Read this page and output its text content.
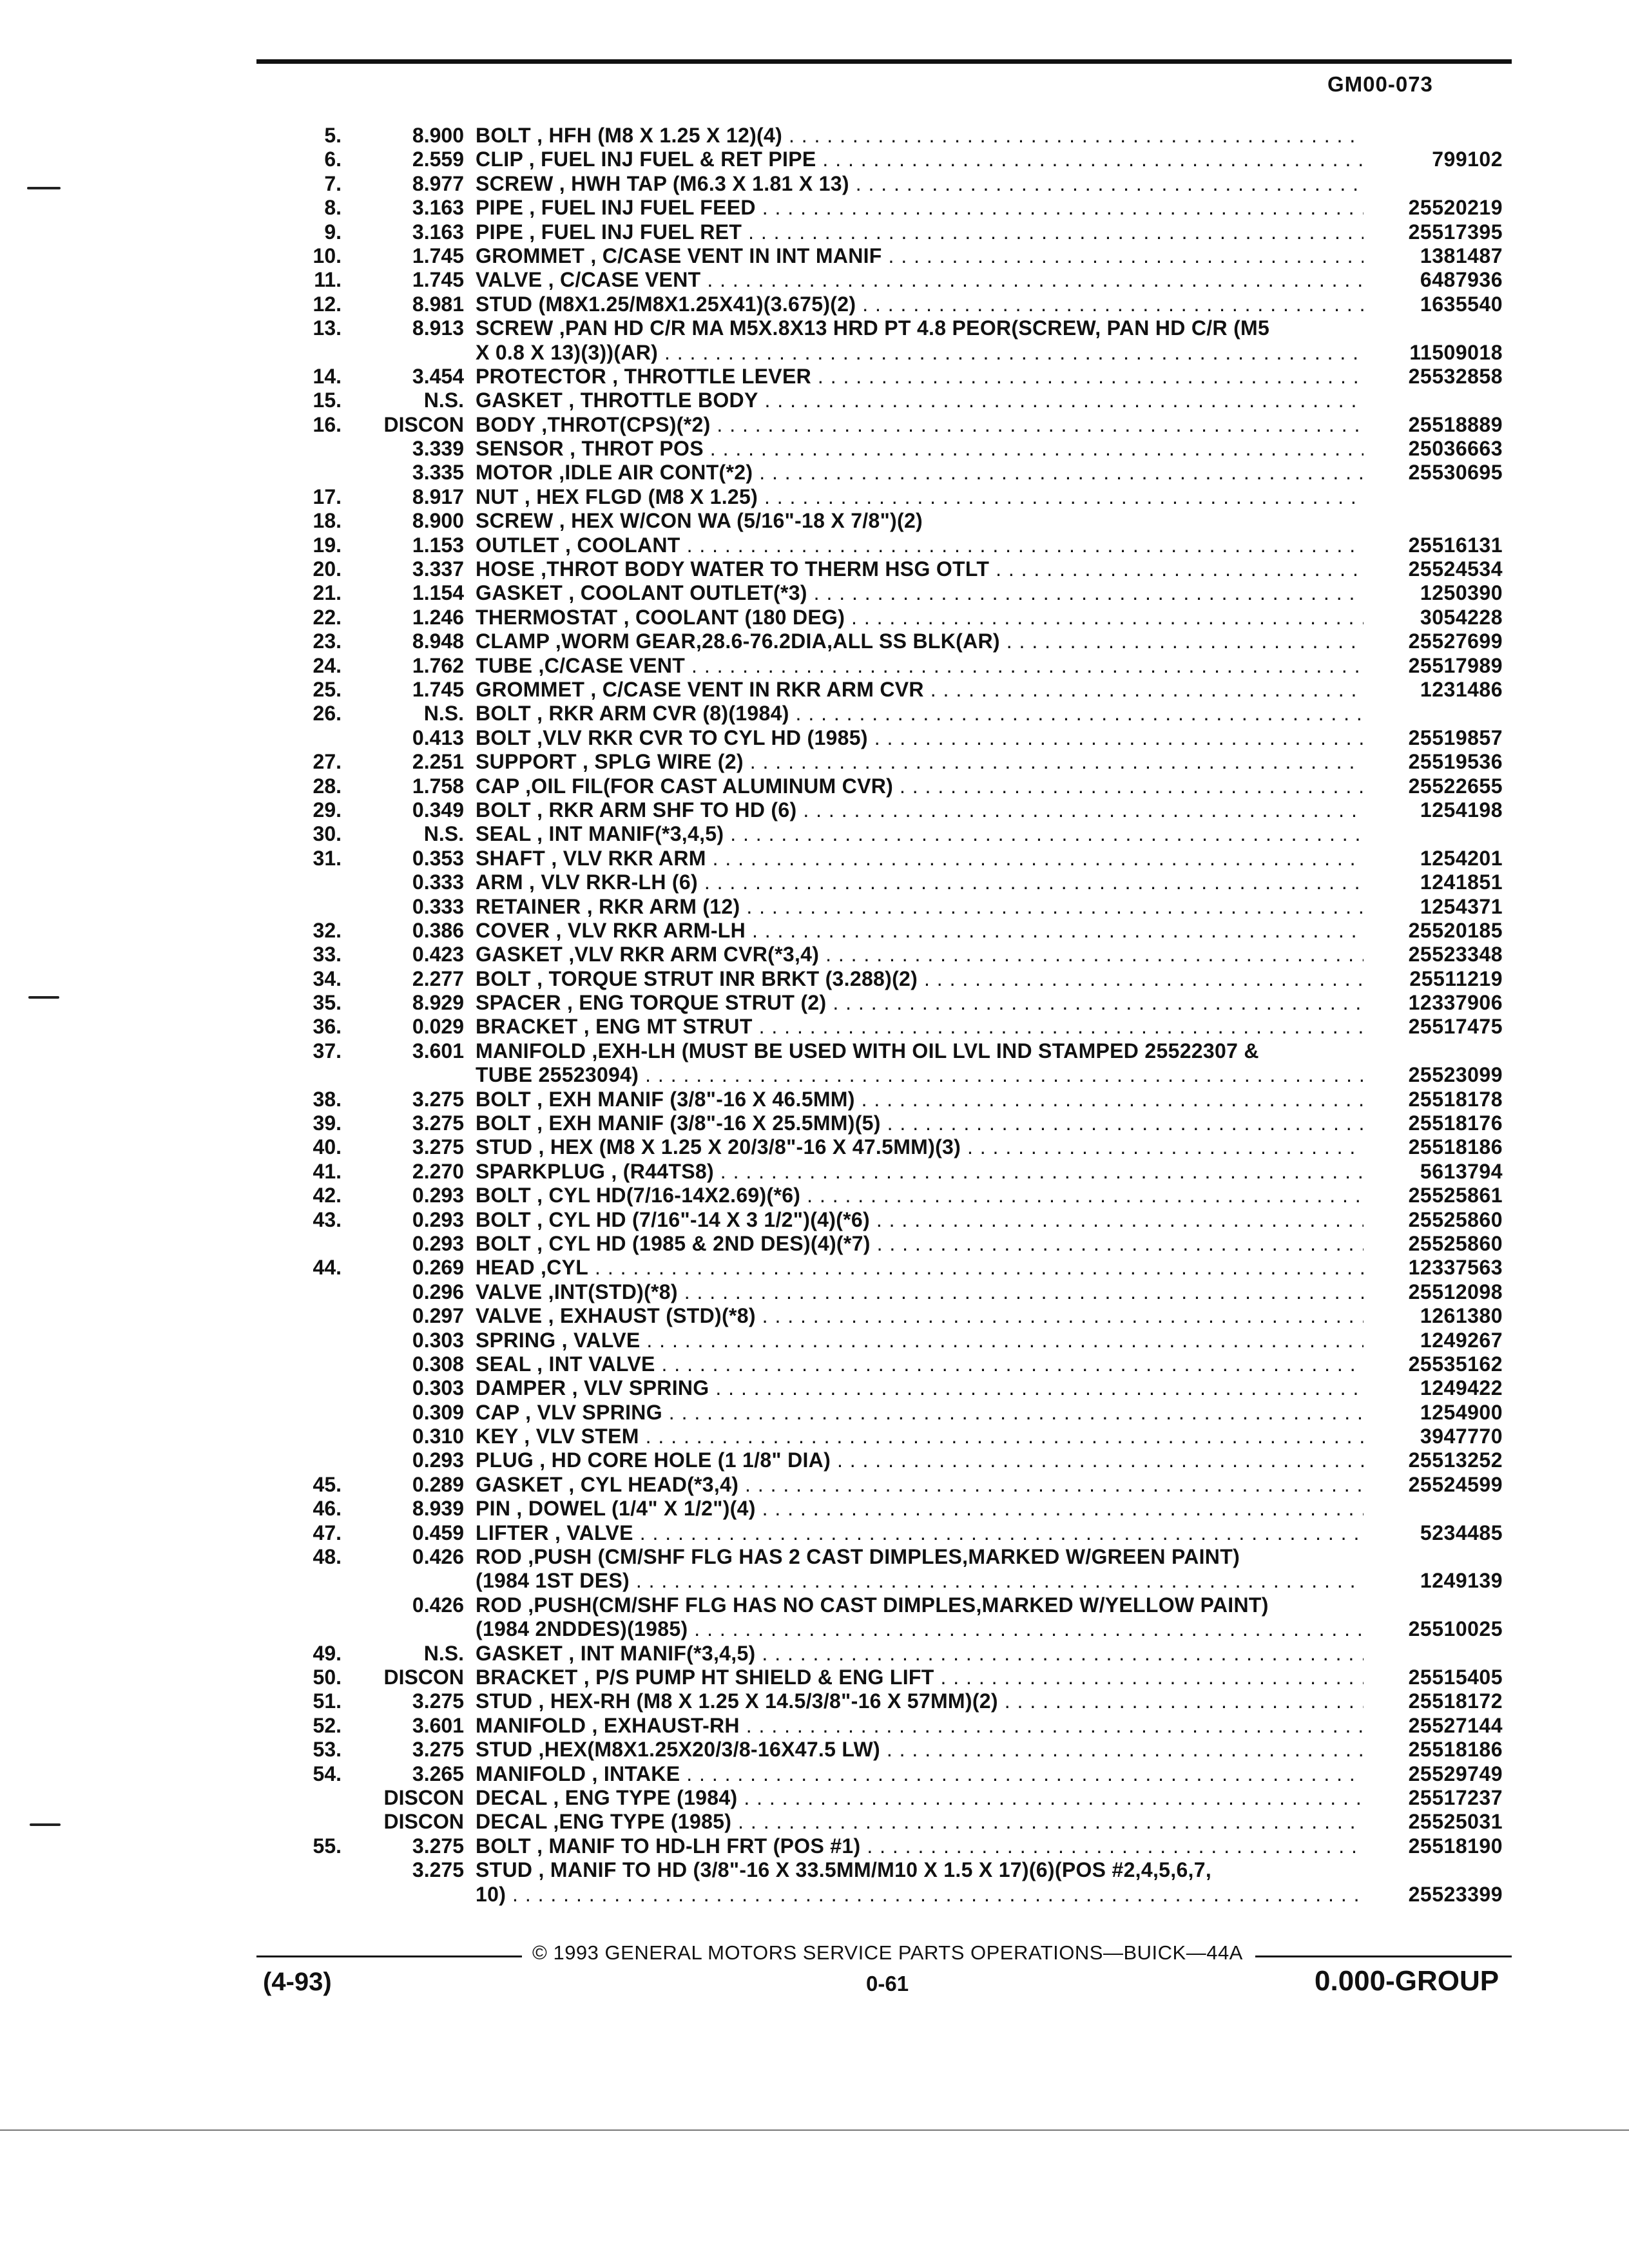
GM00-073
5.	8.900 BOLT , HFH (M8 X 1.25 X 12)(4) . . .
6.	2.559 CLIP , FUEL INJ FUEL & RET PIPE . . .	799102
7.	8.977 SCREW , HWH TAP (M6.3 X 1.81 X 13) . . .
8.	3.163 PIPE , FUEL INJ FUEL FEED . . .	25520219
9.	3.163 PIPE , FUEL INJ FUEL RET . . .	25517395
10.	1.745 GROMMET , C/CASE VENT IN INT MANIF . . .	1381487
11.	1.745 VALVE , C/CASE VENT . . .	6487936
12.	8.981 STUD (M8X1.25/M8X1.25X41)(3.675)(2) . . .	1635540
13.	8.913 SCREW ,PAN HD C/R MA M5X.8X13 HRD PT 4.8 PEOR(SCREW, PAN HD C/R (M5
X 0.8 X 13)(3))(AR) . . .	11509018
14.	3.454 PROTECTOR , THROTTLE LEVER . . .	25532858
15.	N.S. GASKET , THROTTLE BODY . . .
16. DISCON BODY ,THROT(CPS)(*2) . . .	25518889
3.339 SENSOR , THROT POS . . .	25036663
3.335 MOTOR ,IDLE AIR CONT(*2) . . .	25530695
17.	8.917 NUT , HEX FLGD (M8 X 1.25) . . .
18.	8.900 SCREW , HEX W/CON WA (5/16"-18 X 7/8")(2)
19.	1.153 OUTLET , COOLANT . . .	25516131
20.	3.337 HOSE ,THROT BODY WATER TO THERM HSG OTLT . . .	25524534
21.	1.154 GASKET , COOLANT OUTLET(*3) . . .	1250390
22.	1.246 THERMOSTAT , COOLANT (180 DEG) . . .	3054228
23.	8.948 CLAMP ,WORM GEAR,28.6-76.2DIA,ALL SS BLK(AR) . . .	25527699
24.	1.762 TUBE ,C/CASE VENT . . .	25517989
25.	1.745 GROMMET , C/CASE VENT IN RKR ARM CVR . . .	1231486
26.	N.S. BOLT , RKR ARM CVR (8)(1984) . . .
0.413 BOLT ,VLV RKR CVR TO CYL HD (1985) . . .	25519857
27.	2.251 SUPPORT , SPLG WIRE (2) . . .	25519536
28.	1.758 CAP ,OIL FIL(FOR CAST ALUMINUM CVR) . . .	25522655
29.	0.349 BOLT , RKR ARM SHF TO HD (6) . . .	1254198
30.	N.S. SEAL , INT MANIF(*3,4,5) . . .
31.	0.353 SHAFT , VLV RKR ARM . . .	1254201
0.333 ARM , VLV RKR-LH (6) . . .	1241851
0.333 RETAINER , RKR ARM (12) . . .	1254371
32.	0.386 COVER , VLV RKR ARM-LH . . .	25520185
33.	0.423 GASKET ,VLV RKR ARM CVR(*3,4) . . .	25523348
34.	2.277 BOLT , TORQUE STRUT INR BRKT (3.288)(2) . . .	25511219
35.	8.929 SPACER , ENG TORQUE STRUT (2) . . .	12337906
36.	0.029 BRACKET , ENG MT STRUT . . .	25517475
37.	3.601 MANIFOLD ,EXH-LH (MUST BE USED WITH OIL LVL IND STAMPED 25522307 &
TUBE 25523094) . . .	25523099
38.	3.275 BOLT , EXH MANIF (3/8"-16 X 46.5MM) . . .	25518178
39.	3.275 BOLT , EXH MANIF (3/8"-16 X 25.5MM)(5) . . .	25518176
40.	3.275 STUD , HEX (M8 X 1.25 X 20/3/8"-16 X 47.5MM)(3) . . .	25518186
41.	2.270 SPARKPLUG , (R44TS8) . . .	5613794
42.	0.293 BOLT , CYL HD(7/16-14X2.69)(*6) . . .	25525861
43.	0.293 BOLT , CYL HD (7/16"-14 X 3 1/2")(4)(*6) . . .	25525860
0.293 BOLT , CYL HD (1985 & 2ND DES)(4)(*7) . . .	25525860
44.	0.269 HEAD ,CYL . . .	12337563
0.296 VALVE ,INT(STD)(*8) . . .	25512098
0.297 VALVE , EXHAUST (STD)(*8) . . .	1261380
0.303 SPRING , VALVE . . .	1249267
0.308 SEAL , INT VALVE . . .	25535162
0.303 DAMPER , VLV SPRING . . .	1249422
0.309 CAP , VLV SPRING . . .	1254900
0.310 KEY , VLV STEM . . .	3947770
0.293 PLUG , HD CORE HOLE (1 1/8" DIA) . . .	25513252
45.	0.289 GASKET , CYL HEAD(*3,4) . . .	25524599
46.	8.939 PIN , DOWEL (1/4" X 1/2")(4) . . .
47.	0.459 LIFTER , VALVE . . .	5234485
48.	0.426 ROD ,PUSH (CM/SHF FLG HAS 2 CAST DIMPLES,MARKED W/GREEN PAINT)
(1984 1ST DES) . . .	1249139
0.426 ROD ,PUSH(CM/SHF FLG HAS NO CAST DIMPLES,MARKED W/YELLOW PAINT)
(1984 2NDDES)(1985) . . .	25510025
49.	N.S. GASKET , INT MANIF(*3,4,5) . . .
50. DISCON BRACKET , P/S PUMP HT SHIELD & ENG LIFT . . .	25515405
51.	3.275 STUD , HEX-RH (M8 X 1.25 X 14.5/3/8"-16 X 57MM)(2) . . .	25518172
52.	3.601 MANIFOLD , EXHAUST-RH . . .	25527144
53.	3.275 STUD ,HEX(M8X1.25X20/3/8-16X47.5 LW) . . .	25518186
54.	3.265 MANIFOLD , INTAKE . . .	25529749
DISCON DECAL , ENG TYPE (1984) . . .	25517237
DISCON DECAL ,ENG TYPE (1985) . . .	25525031
55.	3.275 BOLT , MANIF TO HD-LH FRT (POS #1) . . .	25518190
3.275 STUD , MANIF TO HD (3/8"-16 X 33.5MM/M10 X 1.5 X 17)(6)(POS #2,4,5,6,7,
10) . . .	25523399
© 1993 GENERAL MOTORS SERVICE PARTS OPERATIONS—BUICK—44A
(4-93)	0-61	0.000-GROUP
